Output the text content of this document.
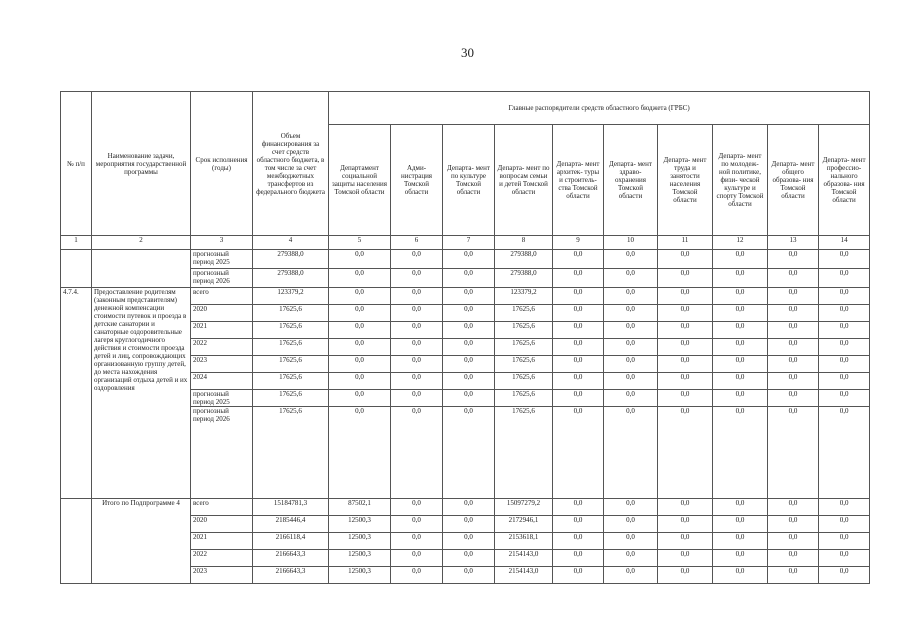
30
№ п/п	Наименование задачи, мероприятия государственной программы	Срок исполнения (годы)	Объем финансирования за счет средств областного бюджета, в том числе за счет межбюджетных трансфертов из федерального бюджета	Главные распорядители средств областного бюджета (ГРБС)									
				Департамент социальной защиты населения Томской области	Адми- нистрация Томской области	Департа- мент по культуре Томской области	Департа- мент по вопросам семьи и детей Томской области	Департа- мент архитек- туры и строитель- ства Томской области	Департа- мент здраво- охранения Томской области	Департа- мент труда и занятости населения Томской области	Департа- мент по молодеж- ной политике, физи- ческой культуре и спорту Томской области	Департа- мент общего образова- ния Томской области	Департа- мент профессио- нального образова- ния Томской области
1	2	3	4	5	6	7	8	9	10	11	12	13	14
		прогнозный период 2025	279388,0	0,0	0,0	0,0	279388,0	0,0	0,0	0,0	0,0	0,0	0,0
		прогнозный период 2026	279388,0	0,0	0,0	0,0	279388,0	0,0	0,0	0,0	0,0	0,0	0,0
4.7.4.	Предоставление родителям (законным представителям) денежной компенсации стоимости путевок и проезда в детские санатории и санаторные оздоровительные лагеря круглогодичного действия и стоимости проезда детей и лиц, сопровождающих организованную группу детей, до места нахождения организаций отдыха детей и их оздоровления	всего	123379,2	0,0	0,0	0,0	123379,2	0,0	0,0	0,0	0,0	0,0	0,0
		2020	17625,6	0,0	0,0	0,0	17625,6	0,0	0,0	0,0	0,0	0,0	0,0
		2021	17625,6	0,0	0,0	0,0	17625,6	0,0	0,0	0,0	0,0	0,0	0,0
		2022	17625,6	0,0	0,0	0,0	17625,6	0,0	0,0	0,0	0,0	0,0	0,0
		2023	17625,6	0,0	0,0	0,0	17625,6	0,0	0,0	0,0	0,0	0,0	0,0
		2024	17625,6	0,0	0,0	0,0	17625,6	0,0	0,0	0,0	0,0	0,0	0,0
		прогнозный период 2025	17625,6	0,0	0,0	0,0	17625,6	0,0	0,0	0,0	0,0	0,0	0,0
		прогнозный период 2026	17625,6	0,0	0,0	0,0	17625,6	0,0	0,0	0,0	0,0	0,0	0,0
	Итого по Подпрограмме 4	всего	15184781,3	87502,1	0,0	0,0	15097279,2	0,0	0,0	0,0	0,0	0,0	0,0
		2020	2185446,4	12500,3	0,0	0,0	2172946,1	0,0	0,0	0,0	0,0	0,0	0,0
		2021	2166118,4	12500,3	0,0	0,0	2153618,1	0,0	0,0	0,0	0,0	0,0	0,0
		2022	2166643,3	12500,3	0,0	0,0	2154143,0	0,0	0,0	0,0	0,0	0,0	0,0
		2023	2166643,3	12500,3	0,0	0,0	2154143,0	0,0	0,0	0,0	0,0	0,0	0,0
